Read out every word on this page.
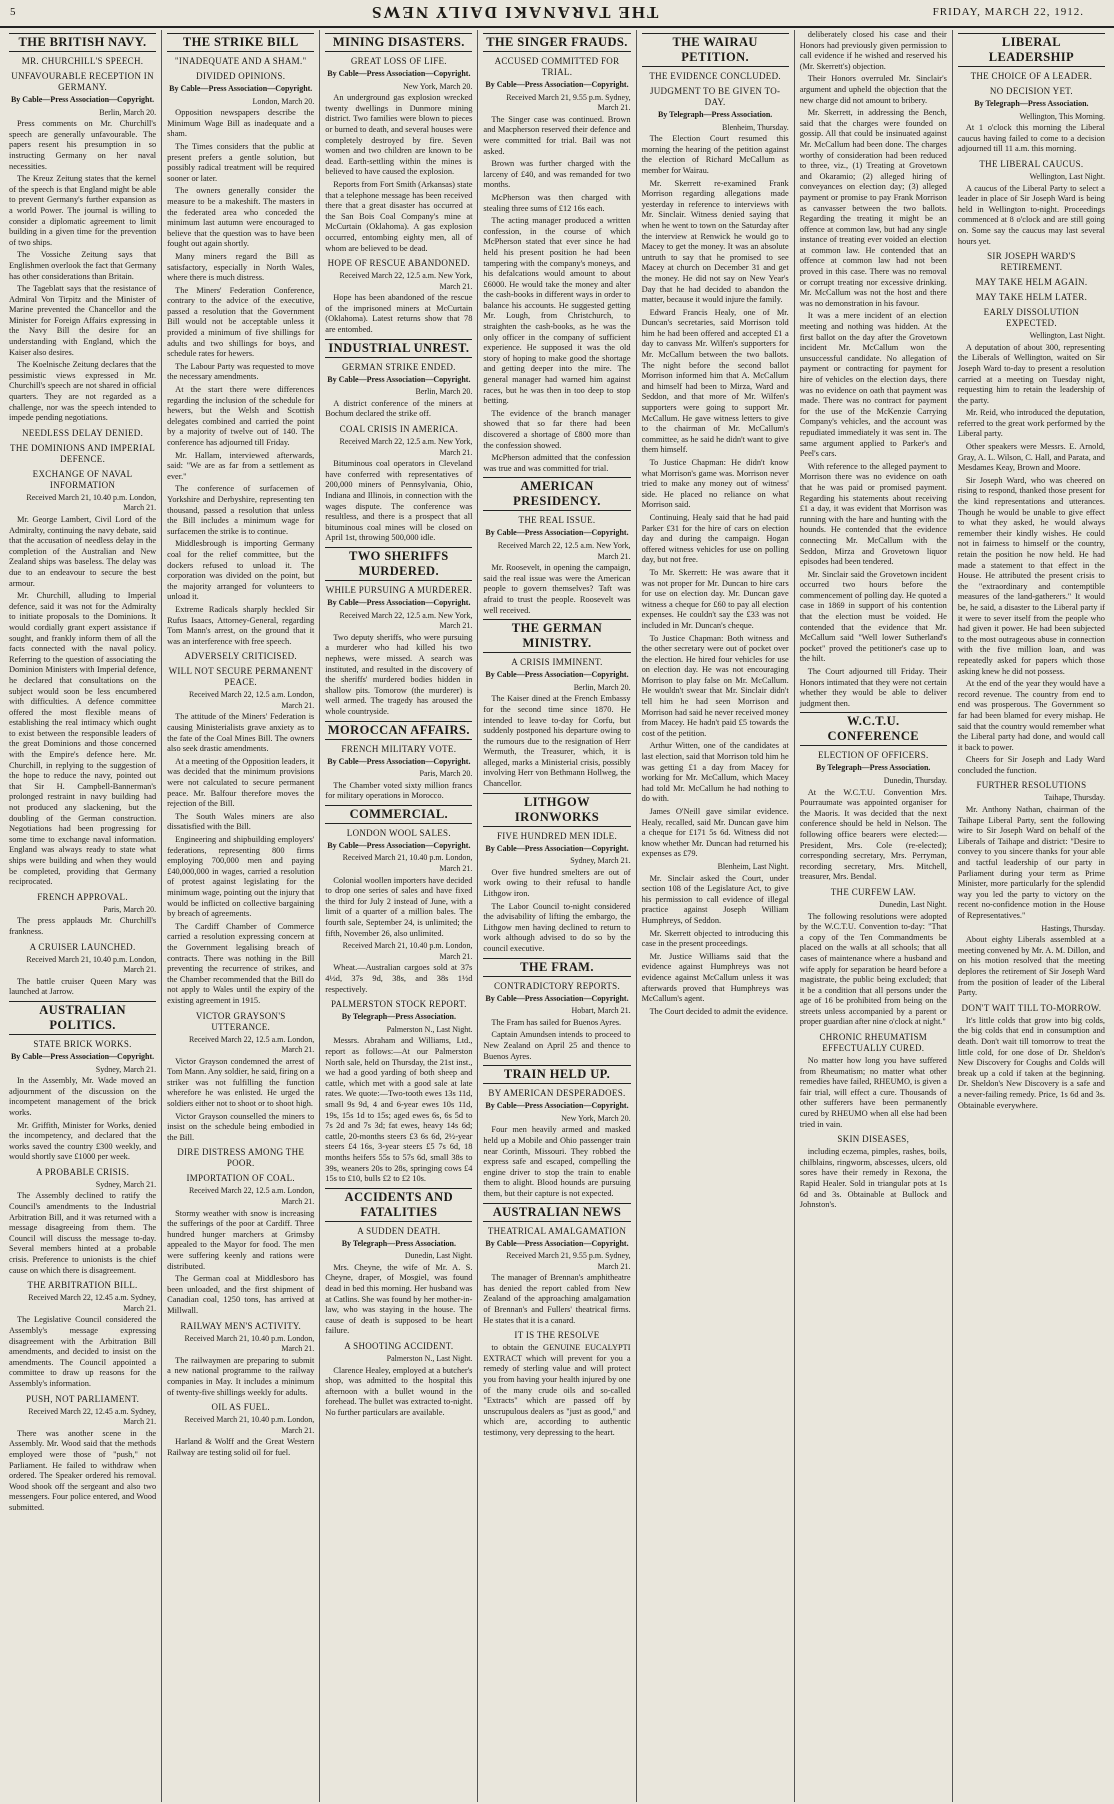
5	THE TARANAKI DAILY NEWS	FRIDAY, MARCH 22, 1912.
THE BRITISH NAVY.
MR. CHURCHILL'S SPEECH.
UNFAVOURABLE RECEPTION IN GERMANY.

By Cable—Press Association—Copyright.

Berlin, March 20.

Press comments on Mr. Churchill's speech are generally unfavourable. The papers resent his presumption in so instructing Germany on her naval necessities.

The Kreuz Zeitung states that the kernel of the speech is that England might be able to prevent Germany's further expansion as a world Power. The journal is willing to consider a diplomatic agreement to limit building in a given time for the prevention of two ships.

The Vossiche Zeitung says that Englishmen overlook the fact that Germany has other considerations than Britain.

The Tageblatt says that the resistance of Admiral Von Tirpitz and the Minister of Marine prevented the Chancellor and the Minister for Foreign Affairs expressing in the Navy Bill the desire for an understanding with England, which the Kaiser also desires.

The Koelnische Zeitung declares that the pessimistic views expressed in Mr. Churchill's speech are not shared in official quarters. They are not regarded as a challenge, nor was the speech intended to impede pending negotiations.

NEEDLESS DELAY DENIED.
THE DOMINIONS AND IMPERIAL DEFENCE.
EXCHANGE OF NAVAL INFORMATION

Received March 21, 10.40 p.m. London, March 21.

Mr. George Lambert, Civil Lord of the Admiralty, continuing the navy debate, said that the accusation of needless delay in the completion of the Australian and New Zealand ships was baseless. The delay was due to an endeavour to secure the best armour.

Mr. Churchill, alluding to Imperial defence, said it was not for the Admiralty to initiate proposals to the Dominions. It would cordially grant expert assistance if sought, and frankly inform them of all the facts connected with the naval policy. Referring to the question of associating the Dominion Ministers with Imperial defence, he declared that consultations on the subject would soon be less encumbered with difficulties. A defence committee offered the most flexible means of establishing the real intimacy which ought to exist between the responsible leaders of the great Dominions and those concerned with the Empire's defence here. Mr. Churchill, in replying to the suggestion of the hope to reduce the navy, pointed out that Sir H. Campbell-Bannerman's prolonged restraint in navy building had not produced any slackening, but the doubling of the German construction. Negotiations had been progressing for some time to exchange naval information. England was always ready to state what ships were building and when they would be completed, providing that Germany reciprocated.

FRENCH APPROVAL.

Paris, March 20.

The press applauds Mr. Churchill's frankness.

A CRUISER LAUNCHED.

Received March 21, 10.40 p.m. London, March 21.

The battle cruiser Queen Mary was launched at Jarrow.

AUSTRALIAN POLITICS.
STATE BRICK WORKS.

By Cable—Press Association—Copyright.

Sydney, March 21.

In the Assembly, Mr. Wade moved an adjournment of the discussion on the incompetent management of the brick works.

Mr. Griffith, Minister for Works, denied the incompetency, and declared that the works saved the country £300 weekly, and would shortly save £1000 per week.

A PROBABLE CRISIS.

Sydney, March 21.

The Assembly declined to ratify the Council's amendments to the Industrial Arbitration Bill, and it was returned with a message disagreeing from them. The Council will discuss the message to-day. Several members hinted at a probable crisis. Preference to unionists is the chief cause on which there is disagreement.

THE ARBITRATION BILL.

Received March 22, 12.45 a.m. Sydney, March 21.

The Legislative Council considered the Assembly's message expressing disagreement with the Arbitration Bill amendments, and decided to insist on the amendments. The Council appointed a committee to draw up reasons for the Assembly's information.

PUSH, NOT PARLIAMENT.

Received March 22, 12.45 a.m. Sydney, March 21.

There was another scene in the Assembly. Mr. Wood said that the methods employed were those of "push," not Parliament. He failed to withdraw when ordered. The Speaker ordered his removal. Wood shook off the sergeant and also two messengers. Four police entered, and Wood submitted.

THE STRIKE BILL
"INADEQUATE AND A SHAM."
DIVIDED OPINIONS.

By Cable—Press Association—Copyright.

London, March 20.

Opposition newspapers describe the Minimum Wage Bill as inadequate and a sham.

The Times considers that the public at present prefers a gentle solution, but possibly radical treatment will be required sooner or later.

The owners generally consider the measure to be a makeshift. The masters in the federated area who conceded the minimum last autumn were encouraged to believe that the question was to have been fought out again shortly.

Many miners regard the Bill as satisfactory, especially in North Wales, where there is much distress.

The Miners' Federation Conference, contrary to the advice of the executive, passed a resolution that the Government Bill would not be acceptable unless it provided a minimum of five shillings for adults and two shillings for boys, and schedule rates for hewers.

The Labour Party was requested to move the necessary amendments.

At the start there were differences regarding the inclusion of the schedule for hewers, but the Welsh and Scottish delegates combined and carried the point by a majority of twelve out of 140. The conference has adjourned till Friday.

Mr. Hallam, interviewed afterwards, said: "We are as far from a settlement as ever."

The conference of surfacemen of Yorkshire and Derbyshire, representing ten thousand, passed a resolution that unless the Bill includes a minimum wage for surfacemen the strike is to continue.

Middlesbrough is importing Germany coal for the relief committee, but the dockers refused to unload it. The corporation was divided on the point, but the majority arranged for volunteers to unload it.

Extreme Radicals sharply heckled Sir Rufus Isaacs, Attorney-General, regarding Tom Mann's arrest, on the ground that it was an interference with free speech.

ADVERSELY CRITICISED.
WILL NOT SECURE PERMANENT PEACE.

Received March 22, 12.5 a.m. London, March 21.

The attitude of the Miners' Federation is causing Ministerialists grave anxiety as to the fate of the Coal Mines Bill. The owners also seek drastic amendments.

At a meeting of the Opposition leaders, it was decided that the minimum provisions were not calculated to secure permanent peace. Mr. Balfour therefore moves the rejection of the Bill.

The South Wales miners are also dissatisfied with the Bill.

Engineering and shipbuilding employers' federations, representing 800 firms employing 700,000 men and paying £40,000,000 in wages, carried a resolution of protest against legislating for the minimum wage, pointing out the injury that would be inflicted on collective bargaining by breach of agreements.

The Cardiff Chamber of Commerce carried a resolution expressing concern at the Government legalising breach of contracts. There was nothing in the Bill preventing the recurrence of strikes, and the Chamber recommended that the Bill do not apply to Wales until the expiry of the existing agreement in 1915.

VICTOR GRAYSON'S UTTERANCE.

Received March 22, 12.5 a.m. London, March 21.

Victor Grayson condemned the arrest of Tom Mann. Any soldier, he said, firing on a striker was not fulfilling the function wherefore he was enlisted. He urged the soldiers either not to shoot or to shoot high.

Victor Grayson counselled the miners to insist on the schedule being embodied in the Bill.

DIRE DISTRESS AMONG THE POOR.
IMPORTATION OF COAL.

Received March 22, 12.5 a.m. London, March 21.

Stormy weather with snow is increasing the sufferings of the poor at Cardiff. Three hundred hunger marchers at Grimsby appealed to the Mayor for food. The men were suffering keenly and rations were distributed.

The German coal at Middlesboro has been unloaded, and the first shipment of Canadian coal, 1250 tons, has arrived at Millwall.

RAILWAY MEN'S ACTIVITY.

Received March 21, 10.40 p.m. London, March 21.

The railwaymen are preparing to submit a new national programme to the railway companies in May. It includes a minimum of twenty-five shillings weekly for adults.

OIL AS FUEL.

Received March 21, 10.40 p.m. London, March 21.

Harland & Wolff and the Great Western Railway are testing solid oil for fuel.

MINING DISASTERS.
GREAT LOSS OF LIFE.

By Cable—Press Association—Copyright.

New York, March 20.

An underground gas explosion wrecked twenty dwellings in Dunmore mining district. Two families were blown to pieces or burned to death, and several houses were completely destroyed by fire. Seven women and two children are known to be dead. Earth-settling within the mines is believed to have caused the explosion.

Reports from Fort Smith (Arkansas) state that a telephone message has been received there that a great disaster has occurred at the San Bois Coal Company's mine at McCurtain (Oklahoma). A gas explosion occurred, entombing eighty men, all of whom are believed to be dead.

HOPE OF RESCUE ABANDONED.

Received March 22, 12.5 a.m. New York, March 21.

Hope has been abandoned of the rescue of the imprisoned miners at McCurtain (Oklahoma). Latest returns show that 78 are entombed.

INDUSTRIAL UNREST.
GERMAN STRIKE ENDED.

By Cable—Press Association—Copyright.

Berlin, March 20.

A district conference of the miners at Bochum declared the strike off.

COAL CRISIS IN AMERICA.

Received March 22, 12.5 a.m. New York, March 21.

Bituminous coal operators in Cleveland have conferred with representatives of 200,000 miners of Pennsylvania, Ohio, Indiana and Illinois, in connection with the wages dispute. The conference was resultless, and there is a prospect that all bituminous coal mines will be closed on April 1st, throwing 500,000 idle.

TWO SHERIFFS MURDERED.
WHILE PURSUING A MURDERER.

By Cable—Press Association—Copyright.

Received March 22, 12.5 a.m. New York, March 21.

Two deputy sheriffs, who were pursuing a murderer who had killed his two nephews, were missed. A search was instituted, and resulted in the discovery of the sheriffs' murdered bodies hidden in shallow pits. Tomorow (the murderer) is well armed. The tragedy has aroused the whole countryside.

MOROCCAN AFFAIRS.
FRENCH MILITARY VOTE.

By Cable—Press Association—Copyright.

Paris, March 20.

The Chamber voted sixty million francs for military operations in Morocco.

COMMERCIAL.
LONDON WOOL SALES.

By Cable—Press Association—Copyright.

Received March 21, 10.40 p.m. London, March 21.

Colonial woollen importers have decided to drop one series of sales and have fixed the third for July 2 instead of June, with a limit of a quarter of a million bales. The fourth sale, September 24, is unlimited; the fifth, November 26, also unlimited.

Received March 21, 10.40 p.m. London, March 21.

Wheat.—Australian cargoes sold at 37s 4½d, 37s 9d, 38s, and 38s 1½d respectively.

PALMERSTON STOCK REPORT.

By Telegraph—Press Association.

Palmerston N., Last Night.

Messrs. Abraham and Williams, Ltd., report as follows:—At our Palmerston North sale, held on Thursday, the 21st inst., we had a good yarding of both sheep and cattle, which met with a good sale at late rates. We quote:—Two-tooth ewes 13s 11d, small 9s 9d, 4 and 6-year ewes 10s 11d, 19s, 15s 1d to 15s; aged ewes 6s, 6s 5d to 7s 2d and 7s 3d; fat ewes, heavy 14s 6d; cattle, 20-months steers £3 6s 6d, 2½-year steers £4 16s, 3-year steers £5 7s 6d, 18 months heifers 55s to 57s 6d, small 38s to 39s, weaners 20s to 28s, springing cows £4 15s to £10, bulls £2 to £2 10s.

ACCIDENTS AND FATALITIES
A SUDDEN DEATH.

By Telegraph—Press Association.

Dunedin, Last Night.

Mrs. Cheyne, the wife of Mr. A. S. Cheyne, draper, of Mosgiel, was found dead in bed this morning. Her husband was at Catlins. She was found by her mother-in-law, who was staying in the house. The cause of death is supposed to be heart failure.

A SHOOTING ACCIDENT.

Palmerston N., Last Night.

Clarence Healey, employed at a butcher's shop, was admitted to the hospital this afternoon with a bullet wound in the forehead. The bullet was extracted to-night. No further particulars are available.

THE SINGER FRAUDS.
ACCUSED COMMITTED FOR TRIAL.

By Cable—Press Association—Copyright.

Received March 21, 9.55 p.m. Sydney, March 21.

The Singer case was continued. Brown and Macpherson reserved their defence and were committed for trial. Bail was not asked.

Brown was further charged with the larceny of £40, and was remanded for two months.

McPherson was then charged with stealing three sums of £12 16s each.

The acting manager produced a written confession, in the course of which McPherson stated that ever since he had held his present position he had been tampering with the company's moneys, and his defalcations would amount to about £6000. He would take the money and alter the cash-books in different ways in order to balance his accounts. He suggested getting Mr. Lough, from Christchurch, to straighten the cash-books, as he was the only officer in the company of sufficient experience. He supposed it was the old story of hoping to make good the shortage and getting deeper into the mire. The general manager had warned him against races, but he was then in too deep to stop betting.

The evidence of the branch manager showed that so far there had been discovered a shortage of £800 more than the confession showed.

McPherson admitted that the confession was true and was committed for trial.

AMERICAN PRESIDENCY.
THE REAL ISSUE.

By Cable—Press Association—Copyright.

Received March 22, 12.5 a.m. New York, March 21.

Mr. Roosevelt, in opening the campaign, said the real issue was were the American people to govern themselves? Taft was afraid to trust the people. Roosevelt was well received.

THE GERMAN MINISTRY.
A CRISIS IMMINENT.

By Cable—Press Association—Copyright.

Berlin, March 20.

The Kaiser dined at the French Embassy for the second time since 1870. He intended to leave to-day for Corfu, but suddenly postponed his departure owing to the rumours due to the resignation of Herr Wermuth, the Treasurer, which, it is alleged, marks a Ministerial crisis, possibly involving Herr von Bethmann Hollweg, the Chancellor.

LITHGOW IRONWORKS
FIVE HUNDRED MEN IDLE.

By Cable—Press Association—Copyright.

Sydney, March 21.

Over five hundred smelters are out of work owing to their refusal to handle Lithgow iron.

The Labor Council to-night considered the advisability of lifting the embargo, the Lithgow men having declined to return to work although advised to do so by the council executive.

THE FRAM.
CONTRADICTORY REPORTS.

By Cable—Press Association—Copyright.

Hobart, March 21.

The Fram has sailed for Buenos Ayres.

Captain Amundsen intends to proceed to New Zealand on April 25 and thence to Buenos Ayres.

TRAIN HELD UP.
BY AMERICAN DESPERADOES.

By Cable—Press Association—Copyright.

New York, March 20.

Four men heavily armed and masked held up a Mobile and Ohio passenger train near Corinth, Missouri. They robbed the express safe and escaped, compelling the engine driver to stop the train to enable them to alight. Blood hounds are pursuing them, but their capture is not expected.

AUSTRALIAN NEWS
THEATRICAL AMALGAMATION

By Cable—Press Association—Copyright.

Received March 21, 9.55 p.m. Sydney, March 21.

The manager of Brennan's amphitheatre has denied the report cabled from New Zealand of the approaching amalgamation of Brennan's and Fullers' theatrical firms. He states that it is a canard.

IT IS THE RESOLVE

to obtain the GENUINE EUCALYPTI EXTRACT which will prevent for you a remedy of sterling value and will protect you from having your health injured by one of the many crude oils and so-called "Extracts" which are passed off by unscrupulous dealers as "just as good," and which are, according to authentic testimony, very depressing to the heart.

THE WAIRAU PETITION.
THE EVIDENCE CONCLUDED.
JUDGMENT TO BE GIVEN TO-DAY.

By Telegraph—Press Association.

Blenheim, Thursday.

The Election Court resumed this morning the hearing of the petition against the election of Richard McCallum as member for Wairau.

Mr. Skerrett re-examined Frank Morrison regarding allegations made yesterday in reference to interviews with Mr. Sinclair. Witness denied saying that when he went to town on the Saturday after the interview at Renwick he would go to Macey to get the money. It was an absolute untruth to say that he promised to see Macey at church on December 31 and get the money. He did not say on New Year's Day that he had decided to abandon the matter, because it would injure the family.

Edward Francis Healy, one of Mr. Duncan's secretaries, said Morrison told him he had been offered and accepted £1 a day to canvass Mr. Wilfen's supporters for Mr. McCallum between the two ballots. The night before the second ballot Morrison informed him that A. McCallum and himself had been to Mirza, Ward and Seddon, and that more of Mr. Wilfen's supporters were going to support Mr. McCallum. He gave witness letters to give to the chairman of Mr. McCallum's committee, as he said he didn't want to give them himself.

To Justice Chapman: He didn't know what Morrison's game was. Morrison never tried to make any money out of witness' side. He placed no reliance on what Morrison said.

Continuing, Healy said that he had paid Parker £31 for the hire of cars on election day and during the campaign. Hogan offered witness vehicles for use on polling day, but not free.

To Mr. Skerrett: He was aware that it was not proper for Mr. Duncan to hire cars for use on election day. Mr. Duncan gave witness a cheque for £60 to pay all election expenses. He couldn't say the £33 was not included in Mr. Duncan's cheque.

To Justice Chapman: Both witness and the other secretary were out of pocket over the election. He hired four vehicles for use on election day. He was not encouraging Morrison to play false on Mr. McCallum. He wouldn't swear that Mr. Sinclair didn't tell him he had seen Morrison and Morrison had said he never received money from Macey. He hadn't paid £5 towards the cost of the petition.

Arthur Witten, one of the candidates at last election, said that Morrison told him he was getting £1 a day from Macey for working for Mr. McCallum, which Macey had told Mr. McCallum he had nothing to do with.

James O'Neill gave similar evidence. Healy, recalled, said Mr. Duncan gave him a cheque for £171 5s 6d. Witness did not know whether Mr. Duncan had returned his expenses as £79.

Blenheim, Last Night.

Mr. Sinclair asked the Court, under section 108 of the Legislature Act, to give his permission to call evidence of illegal practice against Joseph William Humphreys, of Seddon.

Mr. Skerrett objected to introducing this case in the present proceedings.

Mr. Justice Williams said that the evidence against Humphreys was not evidence against McCallum unless it was afterwards proved that Humphreys was McCallum's agent.

The Court decided to admit the evidence.

deliberately closed his case and their Honors had previously given permission to call evidence if he wished and reserved his (Mr. Skerrett's) objection.

Their Honors overruled Mr. Sinclair's argument and upheld the objection that the new charge did not amount to bribery.

Mr. Skerrett, in addressing the Bench, said that the charges were founded on gossip. All that could be insinuated against Mr. McCallum had been done. The charges worthy of consideration had been reduced to three, viz., (1) Treating at Grovetown and Okaramio; (2) alleged hiring of conveyances on election day; (3) alleged payment or promise to pay Frank Morrison as canvasser between the two ballots. Regarding the treating it might be an offence at common law, but had any single instance of treating ever voided an election at common law. He contended that an offence at common law had not been proved in this case. There was no removal or corrupt treating nor excessive drinking. Mr. McCallum was not the host and there was no demonstration in his favour.

It was a mere incident of an election meeting and nothing was hidden. At the first ballot on the day after the Grovetown incident Mr. McCallum won the unsuccessful candidate. No allegation of payment or contracting for payment for hire of vehicles on the election days, there was no evidence on oath that payment was made. There was no contract for payment for the use of the McKenzie Carrying Company's vehicles, and the account was repudiated immediately it was sent in. The same argument applied to Parker's and Peel's cars.

With reference to the alleged payment to Morrison there was no evidence on oath that he was paid or promised payment. Regarding his statements about receiving £1 a day, it was evident that Morrison was running with the hare and hunting with the hounds. He contended that the evidence connecting Mr. McCallum with the Seddon, Mirza and Grovetown liquor episodes had been tendered.

Mr. Sinclair said the Grovetown incident occurred two hours before the commencement of polling day. He quoted a case in 1869 in support of his contention that the election must be voided. He contended that the evidence that Mr. McCallum said "Well lower Sutherland's pocket" proved the petitioner's case up to the hilt.

The Court adjourned till Friday. Their Honors intimated that they were not certain whether they would be able to deliver judgment then.

W.C.T.U. CONFERENCE
ELECTION OF OFFICERS.

By Telegraph—Press Association.

Dunedin, Thursday.

At the W.C.T.U. Convention Mrs. Pourraumate was appointed organiser for the Maoris. It was decided that the next conference should be held in Nelson. The following office bearers were elected:—President, Mrs. Cole (re-elected); corresponding secretary, Mrs. Perryman, recording secretary, Mrs. Mitchell, treasurer, Mrs. Bendal.

THE CURFEW LAW.

Dunedin, Last Night.

The following resolutions were adopted by the W.C.T.U. Convention to-day: "That a copy of the Ten Commandments be placed on the walls at all schools; that all cases of maintenance where a husband and wife apply for separation be heard before a magistrate, the public being excluded; that it be a condition that all persons under the age of 16 be prohibited from being on the streets unless accompanied by a parent or proper guardian after nine o'clock at night."

CHRONIC RHEUMATISM EFFECTUALLY CURED.

No matter how long you have suffered from Rheumatism; no matter what other remedies have failed, RHEUMO, is given a fair trial, will effect a cure. Thousands of other sufferers have been permanently cured by RHEUMO when all else had been tried in vain.

SKIN DISEASES,

including eczema, pimples, rashes, boils, chilblains, ringworm, abscesses, ulcers, old sores have their remedy in Rexona, the Rapid Healer. Sold in triangular pots at 1s 6d and 3s. Obtainable at Bullock and Johnston's.

LIBERAL LEADERSHIP
THE CHOICE OF A LEADER.
NO DECISION YET.

By Telegraph—Press Association.

Wellington, This Morning.

At 1 o'clock this morning the Liberal caucus having failed to come to a decision adjourned till 11 a.m. this morning.

THE LIBERAL CAUCUS.

Wellington, Last Night.

A caucus of the Liberal Party to select a leader in place of Sir Joseph Ward is being held in Wellington to-night. Proceedings commenced at 8 o'clock and are still going on. Some say the caucus may last several hours yet.

SIR JOSEPH WARD'S RETIREMENT.
MAY TAKE HELM AGAIN.
MAY TAKE HELM LATER.
EARLY DISSOLUTION EXPECTED.

Wellington, Last Night.

A deputation of about 300, representing the Liberals of Wellington, waited on Sir Joseph Ward to-day to present a resolution carried at a meeting on Tuesday night, requesting him to retain the leadership of the party.

Mr. Reid, who introduced the deputation, referred to the great work performed by the Liberal party.

Other speakers were Messrs. E. Arnold, Gray, A. L. Wilson, C. Hall, and Parata, and Mesdames Keay, Brown and Moore.

Sir Joseph Ward, who was cheered on rising to respond, thanked those present for the kind representations and utterances. Though he would be unable to give effect to what they asked, he would always remember their kindly wishes. He could not in fairness to himself or the country, retain the position he now held. He had made a statement to that effect in the House. He attributed the present crisis to the "extraordinary and contemptible measures of the land-gatherers." It would be, he said, a disaster to the Liberal party if it were to sever itself from the people who had given it power. He had been subjected to the most outrageous abuse in connection with the five million loan, and was repeatedly asked for papers which those asking knew he did not possess.

At the end of the year they would have a record revenue. The country from end to end was prosperous. The Government so far had been blamed for every mishap. He said that the country would remember what the Liberal party had done, and would call it back to power.

Cheers for Sir Joseph and Lady Ward concluded the function.

FURTHER RESOLUTIONS

Taihape, Thursday.

Mr. Anthony Nathan, chairman of the Taihape Liberal Party, sent the following wire to Sir Joseph Ward on behalf of the Liberals of Taihape and district: "Desire to convey to you sincere thanks for your able and tactful leadership of our party in Parliament during your term as Prime Minister, more particularly for the splendid way you led the party to victory on the recent no-confidence motion in the House of Representatives."

Hastings, Thursday.

About eighty Liberals assembled at a meeting convened by Mr. A. M. Dillon, and on his motion resolved that the meeting deplores the retirement of Sir Joseph Ward from the position of leader of the Liberal Party.

DON'T WAIT TILL TO-MORROW.

It's little colds that grow into big colds, the big colds that end in consumption and death. Don't wait till tomorrow to treat the little cold, for one dose of Dr. Sheldon's New Discovery for Coughs and Colds will break up a cold if taken at the beginning. Dr. Sheldon's New Discovery is a safe and a never-failing remedy. Price, 1s 6d and 3s. Obtainable everywhere.
